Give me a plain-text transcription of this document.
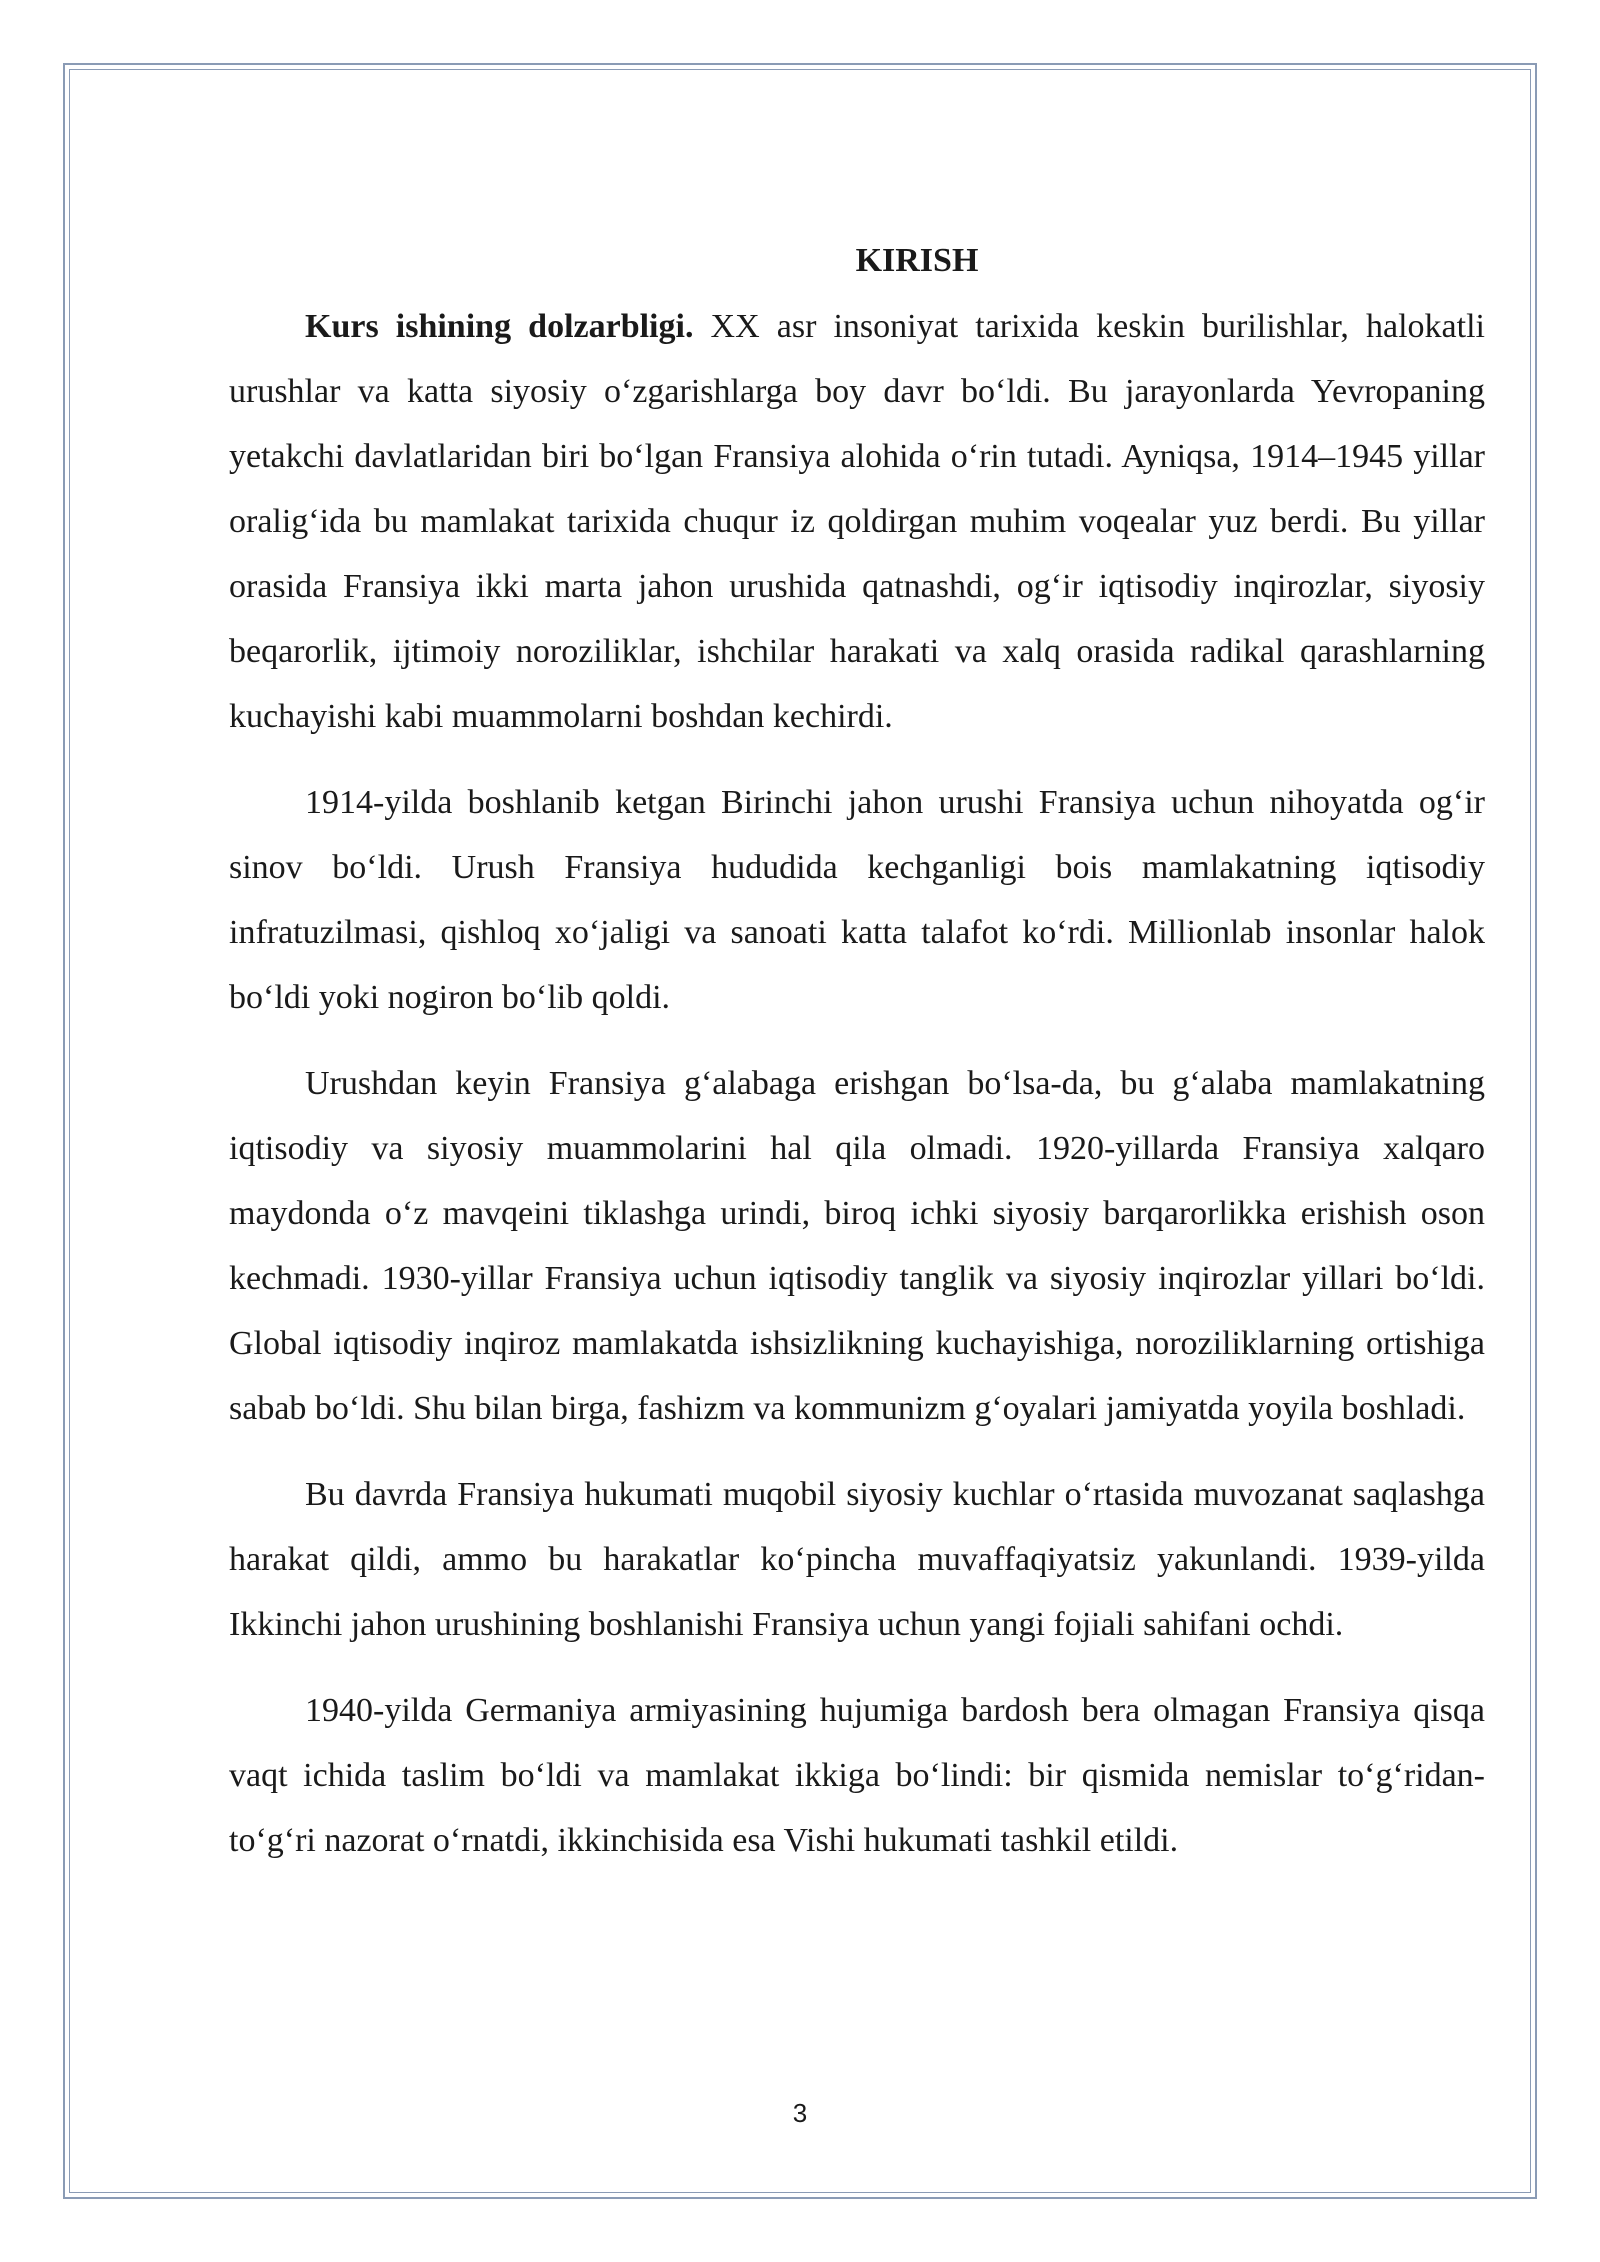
KIRISH

Kurs ishining dolzarbligi. XX asr insoniyat tarixida keskin burilishlar, halokatli urushlar va katta siyosiy o‘zgarishlarga boy davr bo‘ldi. Bu jarayonlarda Yevropaning yetakchi davlatlaridan biri bo‘lgan Fransiya alohida o‘rin tutadi. Ayniqsa, 1914–1945 yillar oralig‘ida bu mamlakat tarixida chuqur iz qoldirgan muhim voqealar yuz berdi. Bu yillar orasida Fransiya ikki marta jahon urushida qatnashdi, og‘ir iqtisodiy inqirozlar, siyosiy beqarorlik, ijtimoiy noroziliklar, ishchilar harakati va xalq orasida radikal qarashlarning kuchayishi kabi muammolarni boshdan kechirdi.

1914-yilda boshlanib ketgan Birinchi jahon urushi Fransiya uchun nihoyatda og‘ir sinov bo‘ldi. Urush Fransiya hududida kechganligi bois mamlakatning iqtisodiy infratuzilmasi, qishloq xo‘jaligi va sanoati katta talafot ko‘rdi. Millionlab insonlar halok bo‘ldi yoki nogiron bo‘lib qoldi.

Urushdan keyin Fransiya g‘alabaga erishgan bo‘lsa-da, bu g‘alaba mamlakatning iqtisodiy va siyosiy muammolarini hal qila olmadi. 1920-yillarda Fransiya xalqaro maydonda o‘z mavqeini tiklashga urindi, biroq ichki siyosiy barqarorlikka erishish oson kechmadi. 1930-yillar Fransiya uchun iqtisodiy tanglik va siyosiy inqirozlar yillari bo‘ldi. Global iqtisodiy inqiroz mamlakatda ishsizlikning kuchayishiga, noroziliklarning ortishiga sabab bo‘ldi. Shu bilan birga, fashizm va kommunizm g‘oyalari jamiyatda yoyila boshladi.

Bu davrda Fransiya hukumati muqobil siyosiy kuchlar o‘rtasida muvozanat saqlashga harakat qildi, ammo bu harakatlar ko‘pincha muvaffaqiyatsiz yakunlandi. 1939-yilda Ikkinchi jahon urushining boshlanishi Fransiya uchun yangi fojiali sahifani ochdi.

1940-yilda Germaniya armiyasining hujumiga bardosh bera olmagan Fransiya qisqa vaqt ichida taslim bo‘ldi va mamlakat ikkiga bo‘lindi: bir qismida nemislar to‘g‘ridan-to‘g‘ri nazorat o‘rnatdi, ikkinchisida esa Vishi hukumati tashkil etildi.

3
